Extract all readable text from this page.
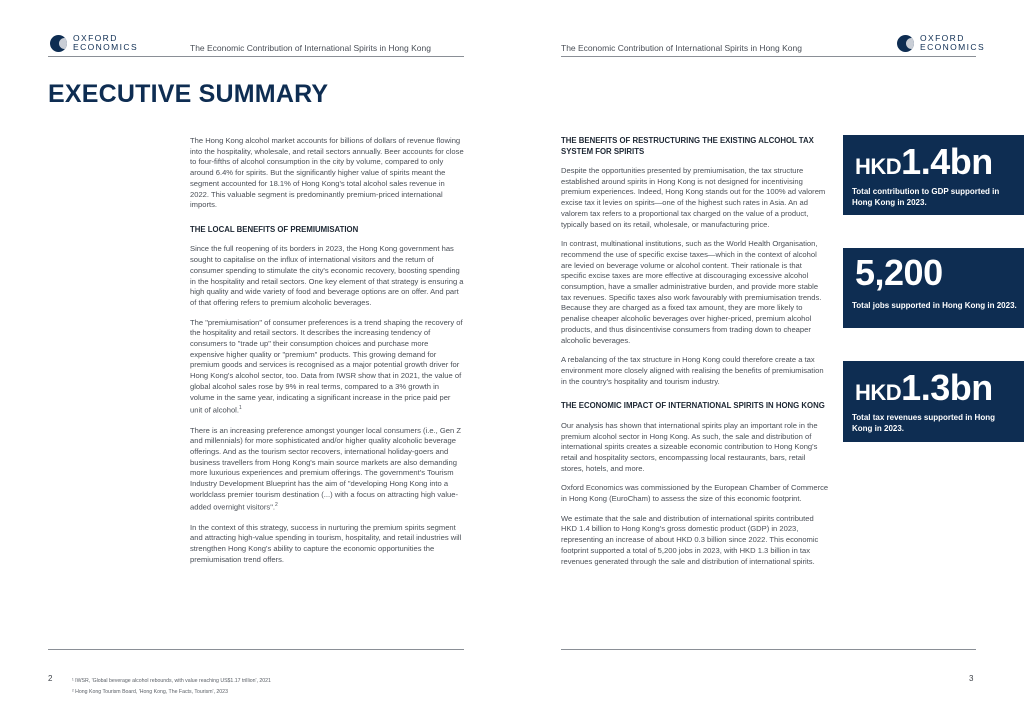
OXFORD
ECONOMICS	The Economic Contribution of International Spirits in Hong Kong
EXECUTIVE SUMMARY

The Hong Kong alcohol market accounts for billions of dollars of revenue flowing into the hospitality, wholesale, and retail sectors annually. Beer accounts for close to four-fifths of alcohol consumption in the city by volume, compared to only around 6.4% for spirits. But the significantly higher value of spirits meant the segment accounted for 18.1% of Hong Kong's total alcohol sales revenue in 2022. This valuable segment is predominantly premium-priced international imports.

THE LOCAL BENEFITS OF PREMIUMISATION

Since the full reopening of its borders in 2023, the Hong Kong government has sought to capitalise on the influx of international visitors and the return of consumer spending to stimulate the city's economic recovery, boosting spending in the hospitality and retail sectors. One key element of that strategy is ensuring a high quality and wide variety of food and beverage options are on offer. And part of that offering refers to premium alcoholic beverages.

The "premiumisation" of consumer preferences is a trend shaping the recovery of the hospitality and retail sectors. It describes the increasing tendency of consumers to "trade up" their consumption choices and purchase more expensive higher quality or "premium" products. This growing demand for premium goods and services is recognised as a major potential growth driver for Hong Kong's alcohol sector, too. Data from IWSR show that in 2021, the value of global alcohol sales rose by 9% in real terms, compared to a 3% growth in volume in the same year, indicating a significant increase in the price paid per unit of alcohol.$^1$

There is an increasing preference amongst younger local consumers (i.e., Gen Z and millennials) for more sophisticated and/or higher quality alcoholic beverage offerings. And as the tourism sector recovers, international holiday-goers and business travellers from Hong Kong's main source markets are also demanding more luxurious experiences and premium offerings. The government's Tourism Industry Development Blueprint has the aim of "developing Hong Kong into a worldclass premier tourism destination (...) with a focus on attracting high value-added overnight visitors".$^2$

In the context of this strategy, success in nurturing the premium spirits segment and attracting high-value spending in tourism, hospitality, and retail industries will strengthen Hong Kong's ability to capture the economic opportunities the premiumisation trend offers.

2	¹ IWSR, 'Global beverage alcohol rebounds, with value reaching US$1.17 trillion', 2021
² Hong Kong Tourism Board, 'Hong Kong, The Facts, Tourism', 2023
The Economic Contribution of International Spirits in Hong Kong
OXFORD
ECONOMICS
THE BENEFITS OF RESTRUCTURING THE EXISTING ALCOHOL TAX SYSTEM FOR SPIRITS

Despite the opportunities presented by premiumisation, the tax structure established around spirits in Hong Kong is not designed for incentivising premium experiences. Indeed, Hong Kong stands out for the 100% ad valorem excise tax it levies on spirits—one of the highest such rates in Asia. An ad valorem tax refers to a proportional tax charged on the value of a product, typically based on its retail, wholesale, or manufacturing price.

In contrast, multinational institutions, such as the World Health Organisation, recommend the use of specific excise taxes—which in the context of alcohol are levied on beverage volume or alcohol content. Their rationale is that specific excise taxes are more effective at discouraging excessive alcohol consumption, have a smaller administrative burden, and provide more stable tax revenues. Specific taxes also work favourably with premiumisation trends. Because they are charged as a fixed tax amount, they are more likely to penalise cheaper alcoholic beverages over higher-priced, premium alcohol products, and thus disincentivise consumers from trading down to cheaper alcoholic beverages.

A rebalancing of the tax structure in Hong Kong could therefore create a tax environment more closely aligned with realising the benefits of premiumisation in the country's hospitality and tourism industry.

THE ECONOMIC IMPACT OF INTERNATIONAL SPIRITS IN HONG KONG

Our analysis has shown that international spirits play an important role in the premium alcohol sector in Hong Kong. As such, the sale and distribution of international spirits creates a sizeable economic contribution to Hong Kong's retail and hospitality sectors, encompassing local restaurants, bars, retail stores, hotels, and more.

Oxford Economics was commissioned by the European Chamber of Commerce in Hong Kong (EuroCham) to assess the size of this economic footprint.

We estimate that the sale and distribution of international spirits contributed HKD 1.4 billion to Hong Kong's gross domestic product (GDP) in 2023, representing an increase of about HKD 0.3 billion since 2022. This economic footprint supported a total of 5,200 jobs in 2023, with HKD 1.3 billion in tax revenues generated through the sale and distribution of international spirits.

HKD1.4bn
Total contribution to GDP supported in Hong Kong in 2023.
5,200
Total jobs supported in Hong Kong in 2023.
HKD1.3bn
Total tax revenues supported in Hong Kong in 2023.
3
